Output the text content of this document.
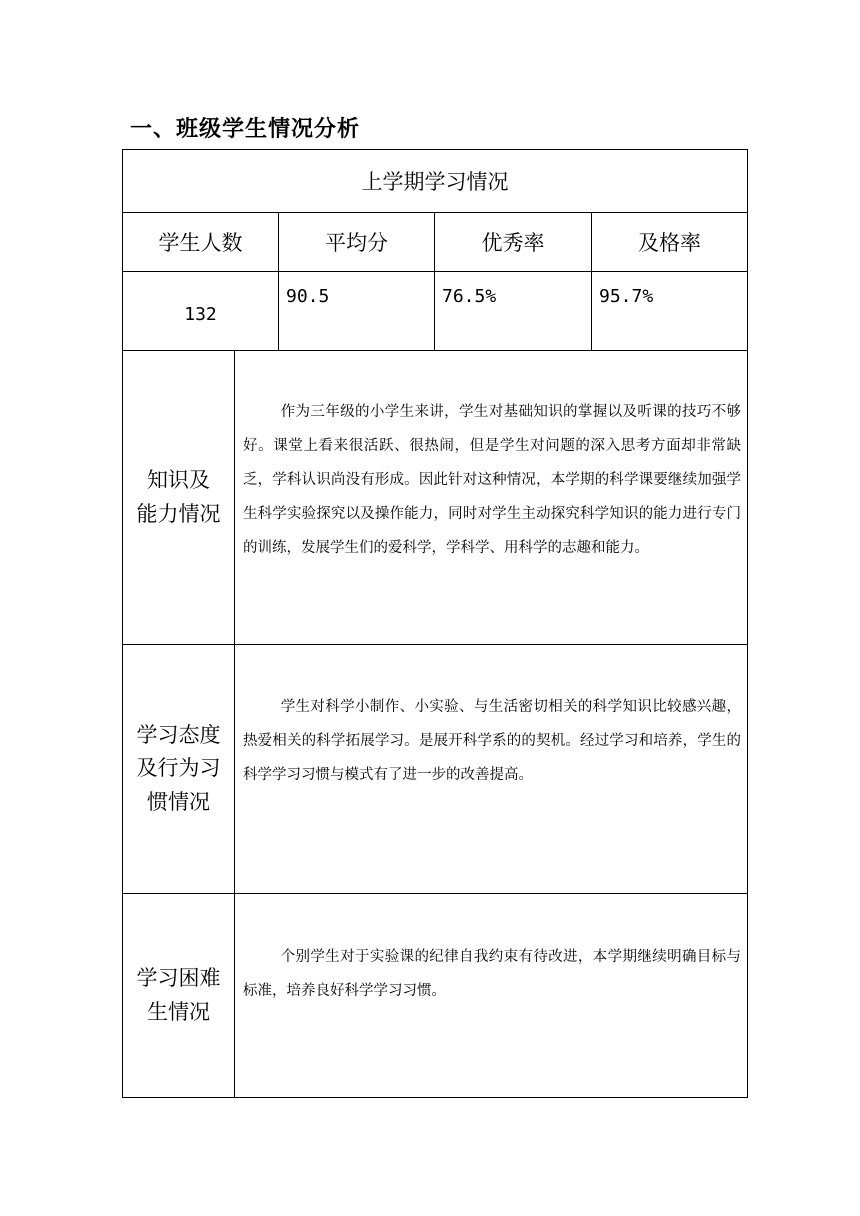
一、班级学生情况分析
上学期学习情况				
学生人数		平均分	优秀率	及格率
132		90.5	76.5%	95.7%

知识及
能力情况	作为三年级的小学生来讲，学生对基础知识的掌握以及听课的技巧不够好。课堂上看来很活跃、很热闹，但是学生对问题的深入思考方面却非常缺乏，学科认识尚没有形成。因此针对这种情况，本学期的科学课要继续加强学生科学实验探究以及操作能力，同时对学生主动探究科学知识的能力进行专门的训练，发展学生们的爱科学，学科学、用科学的志趣和能力。			

学习态度
及行为习
惯情况	学生对科学小制作、小实验、与生活密切相关的科学知识比较感兴趣，热爱相关的科学拓展学习。是展开科学系的的契机。经过学习和培养，学生的科学学习习惯与模式有了进一步的改善提高。			

学习困难
生情况	个别学生对于实验课的纪律自我约束有待改进，本学期继续明确目标与标准，培养良好科学学习习惯。			
